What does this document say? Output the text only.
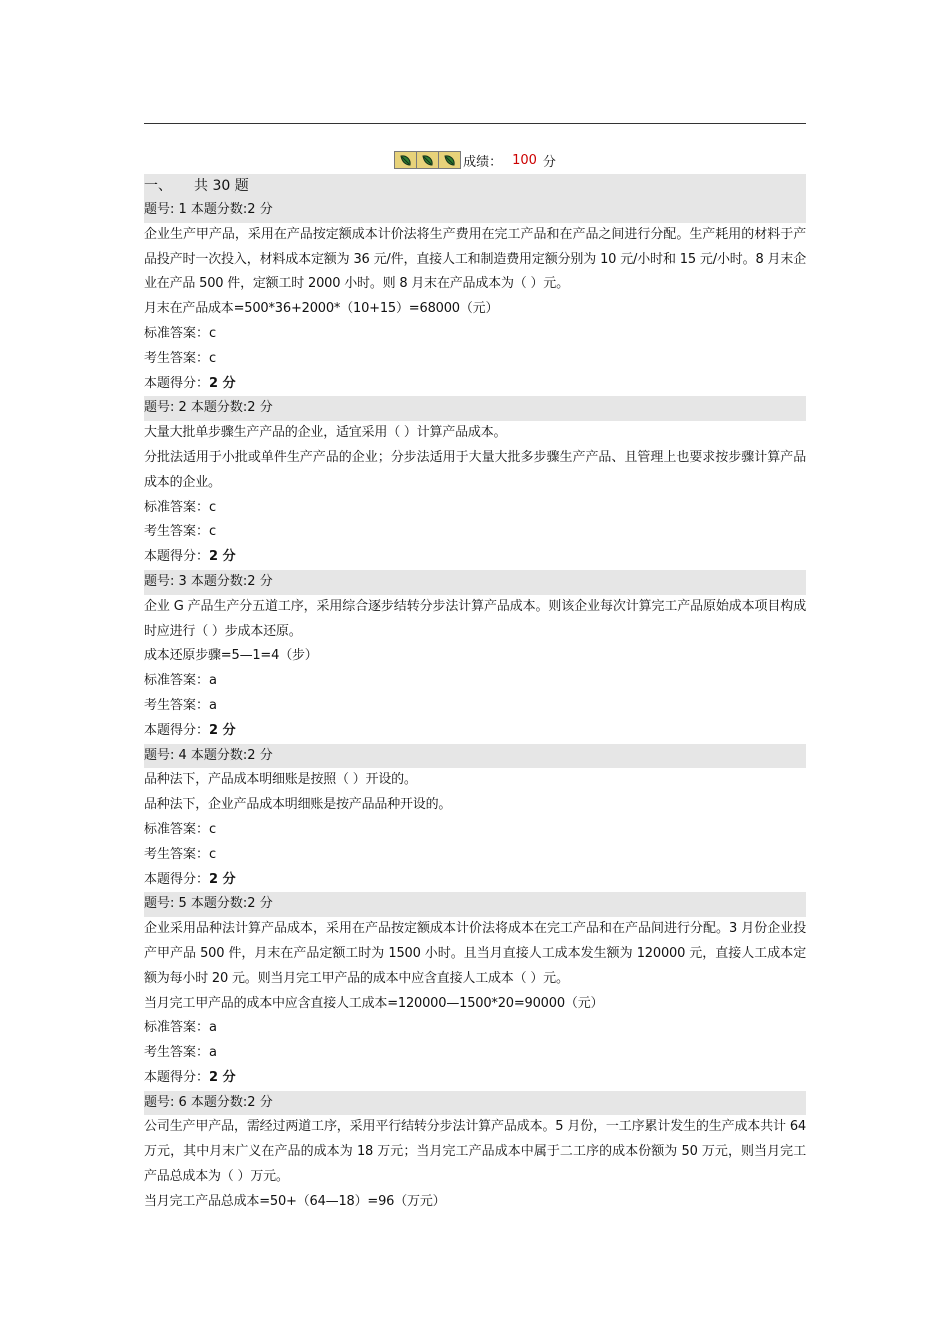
成绩： 100 分
一、 共 30 题
题号: 1 本题分数:2 分
企业生产甲产品，采用在产品按定额成本计价法将生产费用在完工产品和在产品之间进行分配。生产耗用的材料于产品投产时一次投入，材料成本定额为 36 元/件，直接人工和制造费用定额分别为 10 元/小时和 15 元/小时。8 月末企业在产品 500 件，定额工时 2000 小时。则 8 月末在产品成本为（ ）元。
月末在产品成本=500*36+2000*（10+15）=68000（元）
标准答案：c
考生答案：c
本题得分：2 分
题号: 2 本题分数:2 分
大量大批单步骤生产产品的企业，适宜采用（ ）计算产品成本。
分批法适用于小批或单件生产产品的企业；分步法适用于大量大批多步骤生产产品、且管理上也要求按步骤计算产品成本的企业。
标准答案：c
考生答案：c
本题得分：2 分
题号: 3 本题分数:2 分
企业 G 产品生产分五道工序，采用综合逐步结转分步法计算产品成本。则该企业每次计算完工产品原始成本项目构成时应进行（ ）步成本还原。
成本还原步骤=5—1=4（步）
标准答案：a
考生答案：a
本题得分：2 分
题号: 4 本题分数:2 分
品种法下，产品成本明细账是按照（ ）开设的。
品种法下，企业产品成本明细账是按产品品种开设的。
标准答案：c
考生答案：c
本题得分：2 分
题号: 5 本题分数:2 分
企业采用品种法计算产品成本，采用在产品按定额成本计价法将成本在完工产品和在产品间进行分配。3 月份企业投产甲产品 500 件，月末在产品定额工时为 1500 小时。且当月直接人工成本发生额为 120000 元，直接人工成本定额为每小时 20 元。则当月完工甲产品的成本中应含直接人工成本（ ）元。
当月完工甲产品的成本中应含直接人工成本=120000—1500*20=90000（元）
标准答案：a
考生答案：a
本题得分：2 分
题号: 6 本题分数:2 分
公司生产甲产品，需经过两道工序，采用平行结转分步法计算产品成本。5 月份，一工序累计发生的生产成本共计 64 万元，其中月末广义在产品的成本为 18 万元；当月完工产品成本中属于二工序的成本份额为 50 万元，则当月完工产品总成本为（ ）万元。
当月完工产品总成本=50+（64—18）=96（万元）
